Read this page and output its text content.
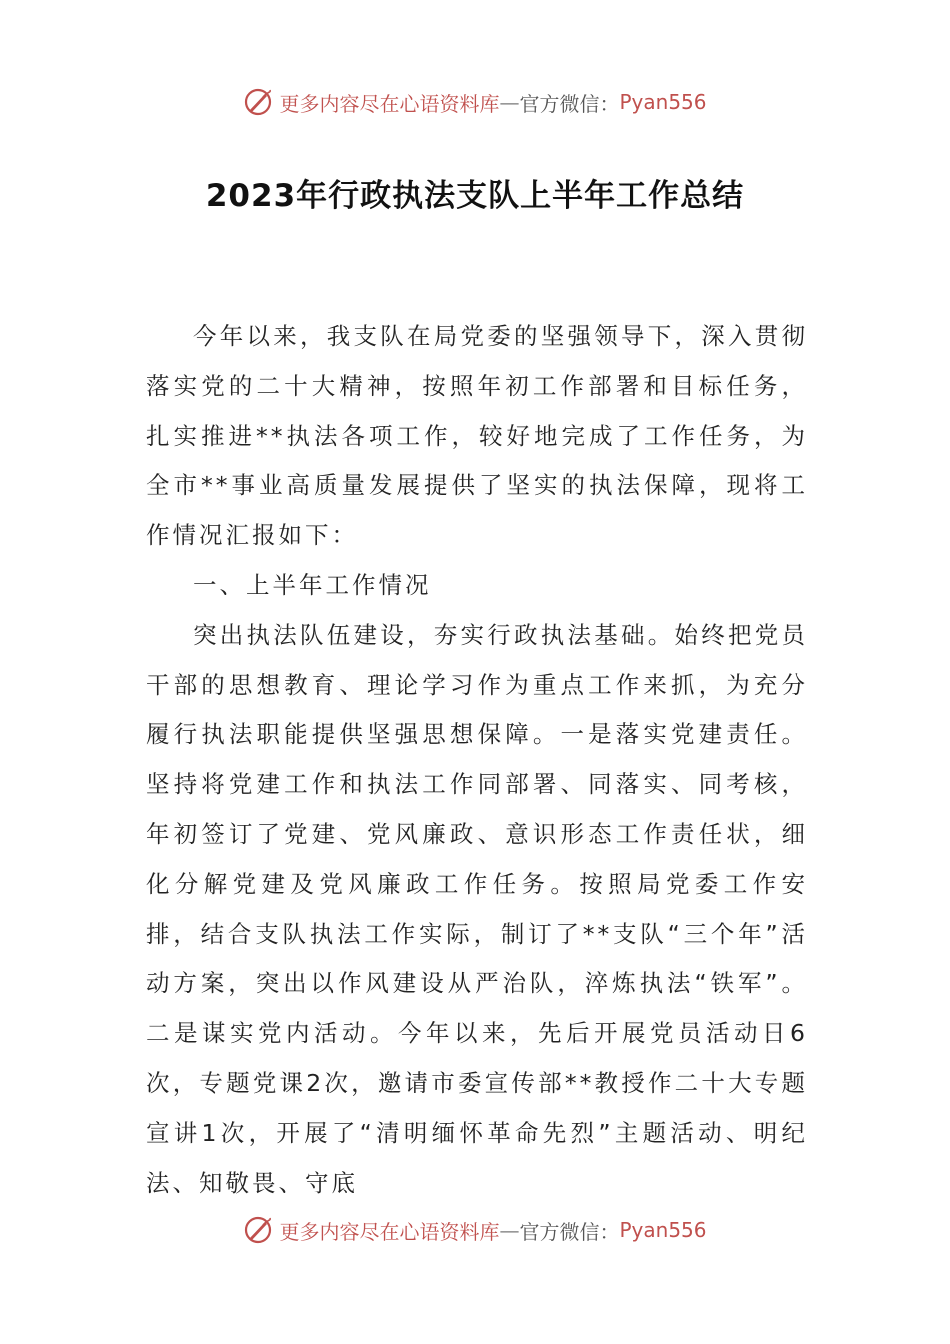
更多内容尽在心语资料库 — 官方微信： Pyan556
2023年行政执法支队上半年工作总结

今年以来，我支队在局党委的坚强领导下，深入贯彻落实党的二十大精神，按照年初工作部署和目标任务，扎实推进**执法各项工作，较好地完成了工作任务，为全市**事业高质量发展提供了坚实的执法保障，现将工作情况汇报如下：

一、上半年工作情况

突出执法队伍建设，夯实行政执法基础。始终把党员干部的思想教育、理论学习作为重点工作来抓，为充分履行执法职能提供坚强思想保障。一是落实党建责任。坚持将党建工作和执法工作同部署、同落实、同考核，年初签订了党建、党风廉政、意识形态工作责任状，细化分解党建及党风廉政工作任务。按照局党委工作安排，结合支队执法工作实际，制订了**支队“三个年”活动方案，突出以作风建设从严治队，淬炼执法“铁军”。二是谋实党内活动。今年以来，先后开展党员活动日6次，专题党课2次，邀请市委宣传部**教授作二十大专题宣讲1次，开展了“清明缅怀革命先烈”主题活动、明纪法、知敬畏、守底

更多内容尽在心语资料库 — 官方微信： Pyan556
